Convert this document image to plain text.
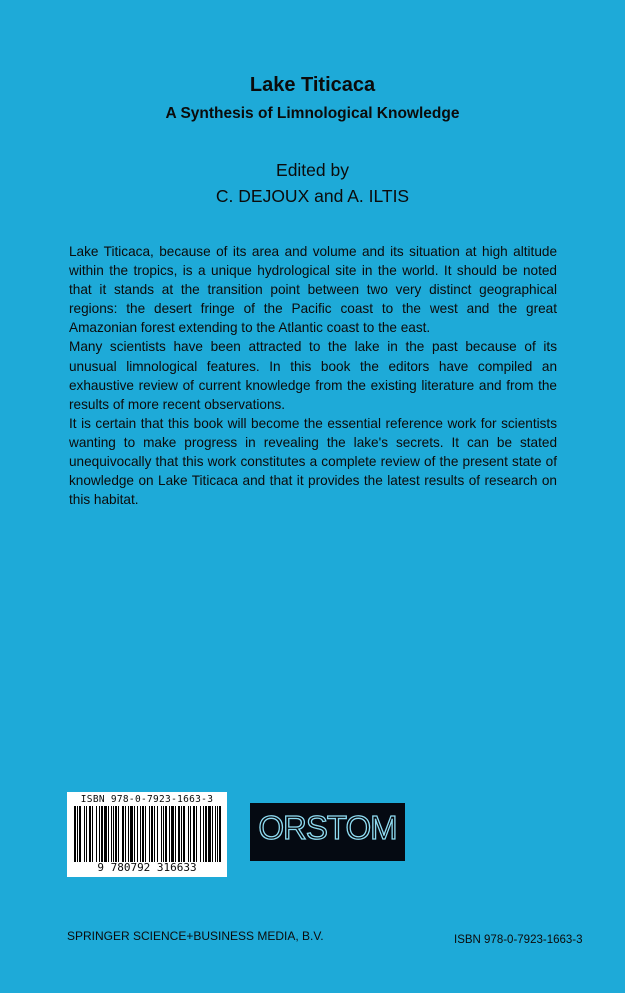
Lake Titicaca
A Synthesis of Limnological Knowledge
Edited by
C. DEJOUX and A. ILTIS

Lake Titicaca, because of its area and volume and its situation at high altitude within the tropics, is a unique hydrological site in the world. It should be noted that it stands at the transition point between two very distinct geographical regions: the desert fringe of the Pacific coast to the west and the great Amazonian forest extending to the Atlantic coast to the east.

Many scientists have been attracted to the lake in the past because of its unusual limnological features. In this book the editors have compiled an exhaustive review of current knowledge from the existing literature and from the results of more recent observations.

It is certain that this book will become the essential reference work for scientists wanting to make progress in revealing the lake's secrets. It can be stated unequivocally that this work constitutes a complete review of the present state of knowledge on Lake Titicaca and that it provides the latest results of research on this habitat.

ISBN 978-0-7923-1663-3
9 780792 316633
ORSTOM
SPRINGER SCIENCE+BUSINESS MEDIA, B.V.	ISBN 978-0-7923-1663-3
